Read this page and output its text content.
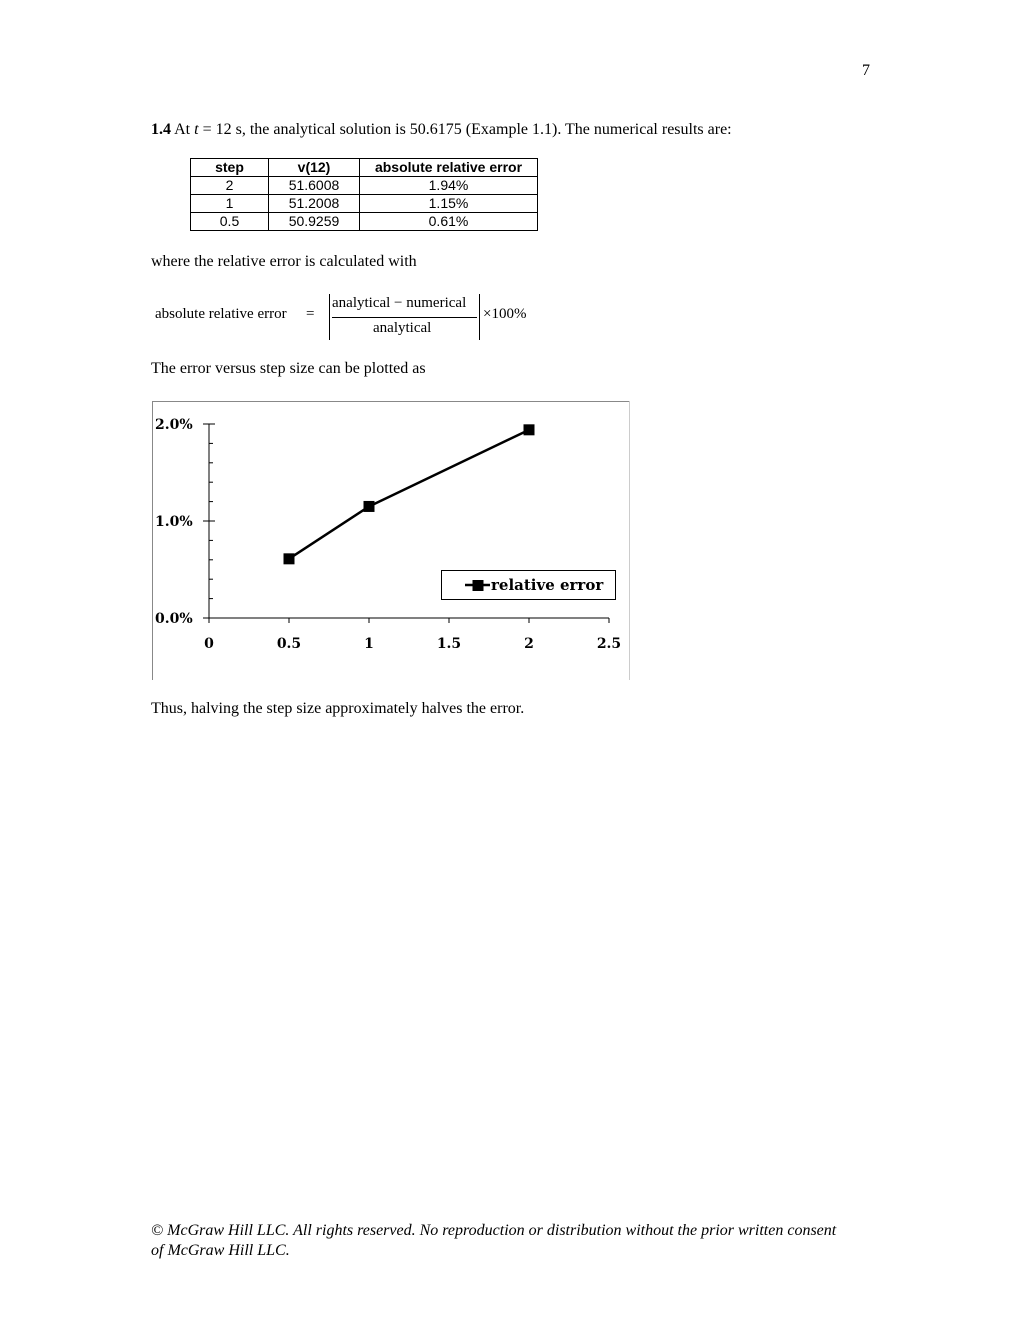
7
1.4 At t = 12 s, the analytical solution is 50.6175 (Example 1.1). The numerical results are:
step	v(12)	absolute relative error
2	51.6008	1.94%
1	51.2008	1.15%
0.5	50.9259	0.61%
where the relative error is calculated with
absolute relative error =
analytical − numerical
analytical
×100%
The error versus step size can be plotted as
0.0%
1.0%
2.0%
0	0.5	1	1.5	2	2.5
relative error
Thus, halving the step size approximately halves the error.
© McGraw Hill LLC. All rights reserved. No reproduction or distribution without the prior written consent
of McGraw Hill LLC.
